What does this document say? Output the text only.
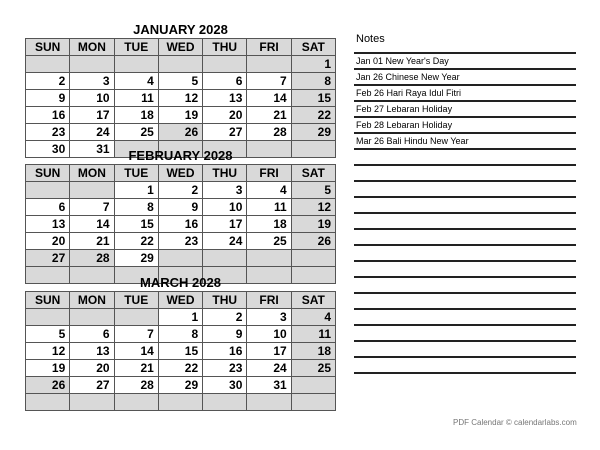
JANUARY 2028
SUN	MON	TUE	WED	THU	FRI	SAT
						1
2	3	4	5	6	7	8
9	10	11	12	13	14	15
16	17	18	19	20	21	22
23	24	25	26	27	28	29
30	31						FEBRUARY 2028
SUN	MON	TUE	WED	THU	FRI	SAT
		1	2	3	4	5
6	7	8	9	10	11	12
13	14	15	16	17	18	19
20	21	22	23	24	25	26
27	28	29				

MARCH 2028
SUN	MON	TUE	WED	THU	FRI	SAT
			1	2	3	4
5	6	7	8	9	10	11
12	13	14	15	16	17	18
19	20	21	22	23	24	25
26	27	28	29	30	31	

Notes
Jan 01 New Year's Day
Jan 26 Chinese New Year
Feb 26 Hari Raya Idul Fitri
Feb 27 Lebaran Holiday
Feb 28 Lebaran Holiday
Mar 26 Bali Hindu New Year
PDF Calendar © calendarlabs.com
